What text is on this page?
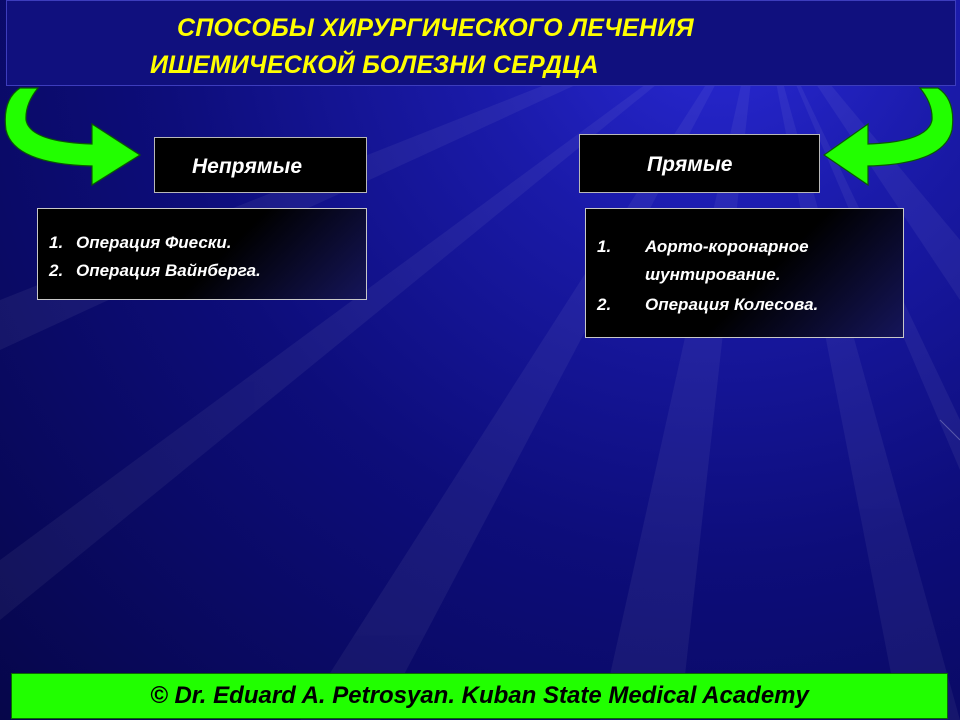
СПОСОБЫ ХИРУРГИЧЕСКОГО ЛЕЧЕНИЯ
ИШЕМИЧЕСКОЙ БОЛЕЗНИ СЕРДЦА
Непрямые	Прямые
1. Операция Фиески.
2. Операция Вайнберга.
1. Аорто-коронарное
шунтирование.
2. Операция Колесова.
© Dr. Eduard A. Petrosyan. Kuban State Medical Academy
